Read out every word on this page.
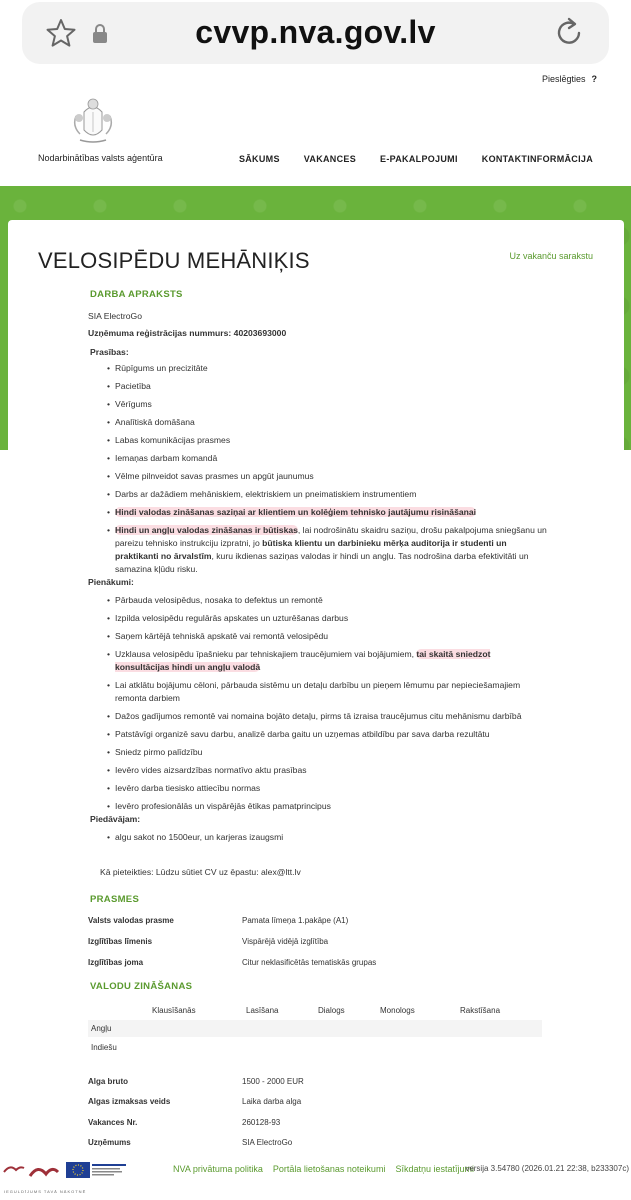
cvvp.nva.gov.lv
Pieslēgties ?
Nodarbinātības valsts aģentūra	SĀKUMS	VAKANCES	E-PAKALPOJUMI	KONTAKTINFORMĀCIJA
VELOSIPĒDU MEHĀNIĶIS	Uz vakanču sarakstu
DARBA APRAKSTS
SIA ElectroGo
Uzņēmuma reģistrācijas nummurs: 40203693000
Prasības:
• Rūpīgums un precizitāte
• Pacietība
• Vērīgums
• Analītiskā domāšana
• Labas komunikācijas prasmes
• Iemaņas darbam komandā
• Vēlme pilnveidot savas prasmes un apgūt jaunumus
• Darbs ar dažādiem mehāniskiem, elektriskiem un pneimatiskiem instrumentiem
• Hindi valodas zināšanas saziņai ar klientiem un kolēģiem tehnisko jautājumu risināšanai
• Hindi un angļu valodas zināšanas ir būtiskas, lai nodrošinātu skaidru saziņu, drošu pakalpojuma sniegšanu un pareizu tehnisko instrukciju izpratni, jo būtiska klientu un darbinieku mērķa auditorija ir studenti un praktikanti no ārvalstīm, kuru ikdienas saziņas valodas ir hindi un angļu. Tas nodrošina darba efektivitāti un samazina kļūdu risku.
Pienākumi:
• Pārbauda velosipēdus, nosaka to defektus un remontē
• Izpilda velosipēdu regulārās apskates un uzturēšanas darbus
• Saņem kārtējā tehniskā apskatē vai remontā velosipēdu
• Uzklausa velosipēdu īpašnieku par tehniskajiem traucējumiem vai bojājumiem, tai skaitā sniedzot konsultācijas hindi un angļu valodā
• Lai atklātu bojājumu cēloni, pārbauda sistēmu un detaļu darbību un pieņem lēmumu par nepieciešamajiem remonta darbiem
• Dažos gadījumos remontē vai nomaina bojāto detaļu, pirms tā izraisa traucējumus citu mehānismu darbībā
• Patstāvīgi organizē savu darbu, analizē darba gaitu un uzņemas atbildību par sava darba rezultātu
• Sniedz pirmo palīdzību
• Ievēro vides aizsardzības normatīvo aktu prasības
• Ievēro darba tiesisko attiecību normas
• Ievēro profesionālās un vispārējās ētikas pamatprincipus
Piedāvājam:
• algu sakot no 1500eur, un karjeras izaugsmi
Kā pieteikties: Lūdzu sūtiet CV uz ēpastu: alex@ltt.lv
PRASMES
Valsts valodas prasme	Pamata līmeņa 1.pakāpe (A1)
Izglītības līmenis	Vispārējā vidējā izglītība
Izglītības joma	Citur neklasificētās tematiskās grupas
VALODU ZINĀŠANAS
Klausīšanās	Lasīšana	Dialogs	Monologs	Rakstīšana
Angļu
Indiešu
Alga bruto	1500 - 2000 EUR
Algas izmaksas veids	Laika darba alga
Vakances Nr.	260128-93
Uzņēmums	SIA ElectroGo
IEGULDĪJUMS TAVĀ NĀKOTNĒ
NVA privātuma politika Portāla lietošanas noteikumi Sīkdatņu iestatījumi
versija 3.54780 (2026.01.21 22:38, b233307c)
